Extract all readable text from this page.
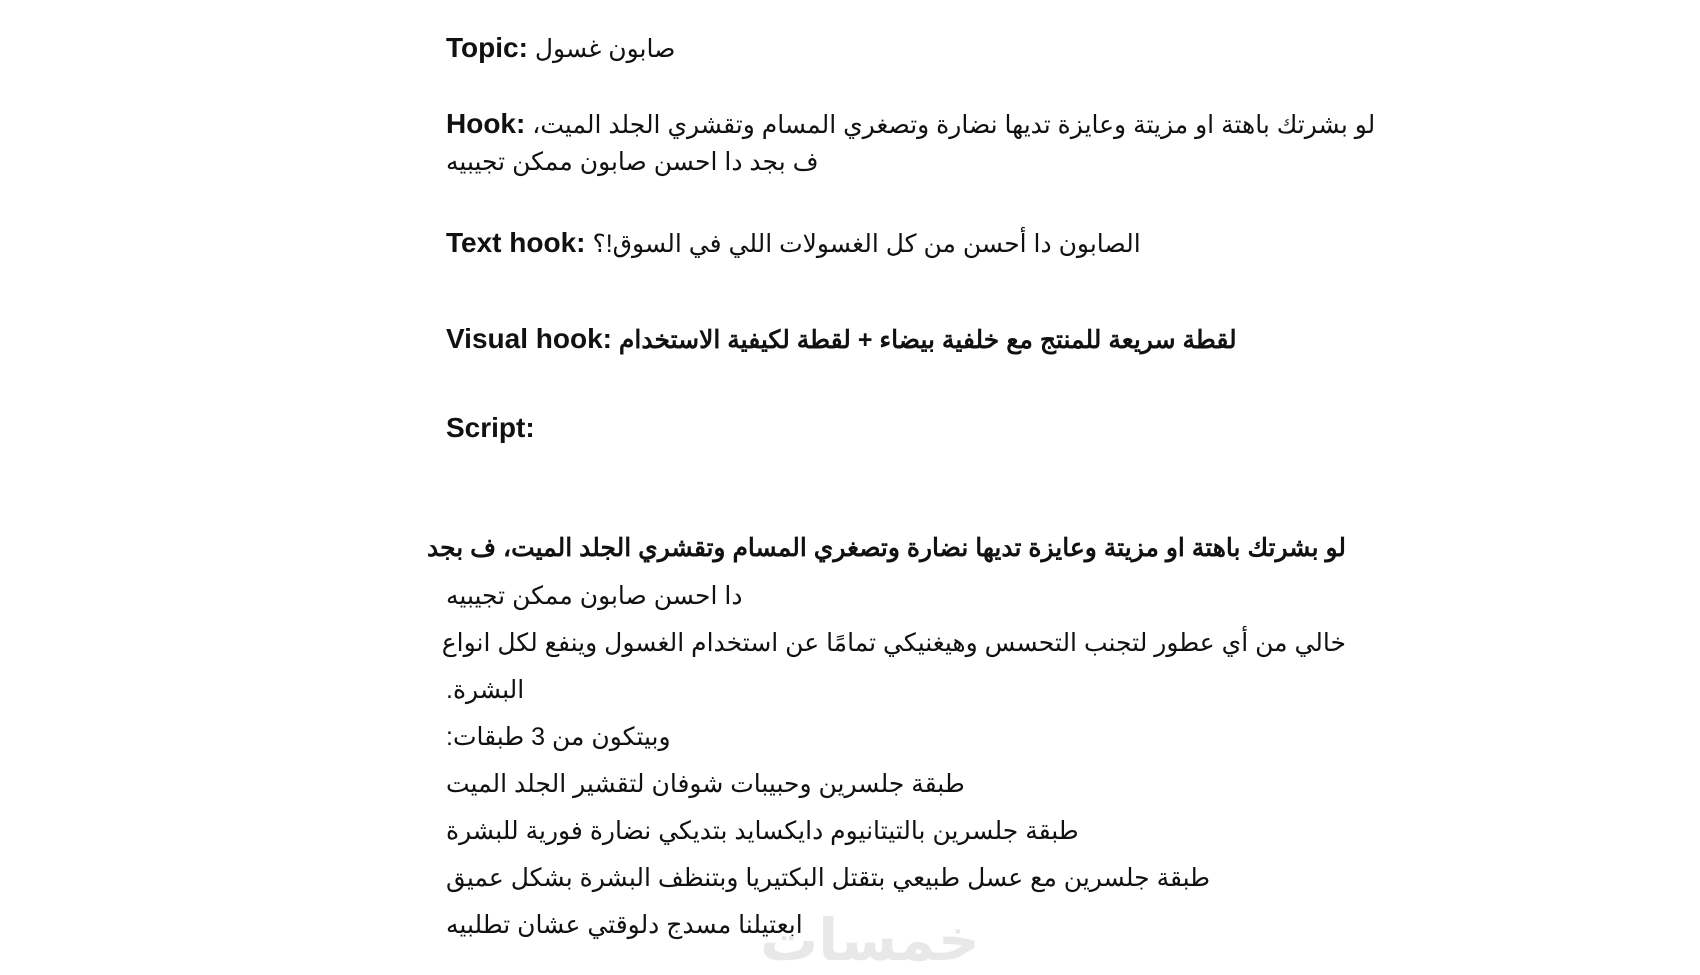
Topic: صابون غسول
Hook: لو بشرتك باهتة او مزيتة وعايزة تديها نضارة وتصغري المسام وتقشري الجلد الميت،
ف بجد دا احسن صابون ممكن تجيبيه
Text hook: الصابون دا أحسن من كل الغسولات اللي في السوق!؟
Visual hook: لقطة سريعة للمنتج مع خلفية بيضاء + لقطة لكيفية الاستخدام
Script:
لو بشرتك باهتة او مزيتة وعايزة تديها نضارة وتصغري المسام وتقشري الجلد الميت، ف بجد
دا احسن صابون ممكن تجيبيه
خالي من أي عطور لتجنب التحسس وهيغنيكي تمامًا عن استخدام الغسول وينفع لكل انواع
البشرة.
وبيتكون من 3 طبقات:
طبقة جلسرين وحبيبات شوفان لتقشير الجلد الميت
طبقة جلسرين بالتيتانيوم دايكسايد بتديكي نضارة فورية للبشرة
طبقة جلسرين مع عسل طبيعي بتقتل البكتيريا وبتنظف البشرة بشكل عميق
ابعتيلنا مسدج دلوقتي عشان تطلبيه
خمسات
